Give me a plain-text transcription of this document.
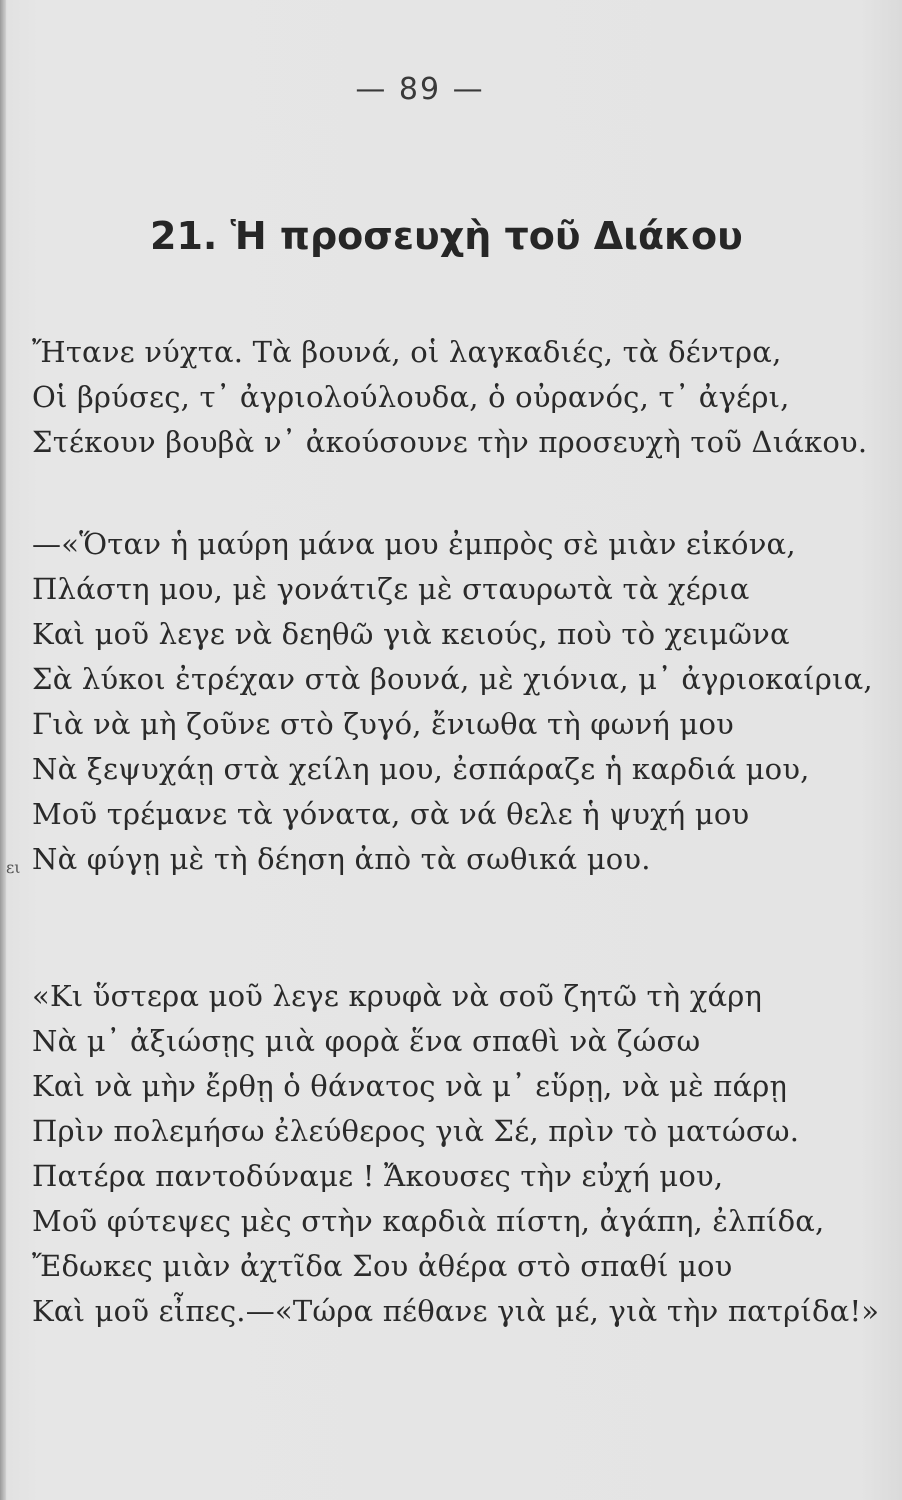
— 89 —
21. Ἡ προσευχὴ τοῦ Διάκου
ει
Ἤτανε νύχτα. Τὰ βουνά, οἱ λαγκαδιές, τὰ δέντρα,
Οἱ βρύσες, τ᾿ ἀγριολούλουδα, ὁ οὐρανός, τ᾿ ἀγέρι,
Στέκουν βουβὰ ν᾿ ἀκούσουνε τὴν προσευχὴ τοῦ Διάκου.
—«Ὅταν ἡ μαύρη μάνα μου ἐμπρὸς σὲ μιὰν εἰκόνα,
Πλάστη μου, μὲ γονάτιζε μὲ σταυρωτὰ τὰ χέρια
Καὶ μοῦ λεγε νὰ δεηθῶ γιὰ κειούς, ποὺ τὸ χειμῶνα
Σὰ λύκοι ἐτρέχαν στὰ βουνά, μὲ χιόνια, μ᾿ ἀγριοκαίρια,
Γιὰ νὰ μὴ ζοῦνε στὸ ζυγό, ἔνιωθα τὴ φωνή μου
Νὰ ξεψυχάῃ στὰ χείλη μου, ἐσπάραζε ἡ καρδιά μου,
Μοῦ τρέμανε τὰ γόνατα, σὰ νά θελε ἡ ψυχή μου
Νὰ φύγῃ μὲ τὴ δέηση ἀπὸ τὰ σωθικά μου.
«Κι ὕστερα μοῦ λεγε κρυφὰ νὰ σοῦ ζητῶ τὴ χάρη
Νὰ μ᾿ ἀξιώσῃς μιὰ φορὰ ἕνα σπαθὶ νὰ ζώσω
Καὶ νὰ μὴν ἔρθῃ ὁ θάνατος νὰ μ᾿ εὕρῃ, νὰ μὲ πάρῃ
Πρὶν πολεμήσω ἐλεύθερος γιὰ Σέ, πρὶν τὸ ματώσω.
Πατέρα παντοδύναμε ! Ἄκουσες τὴν εὐχή μου,
Μοῦ φύτεψες μὲς στὴν καρδιὰ πίστη, ἀγάπη, ἐλπίδα,
Ἔδωκες μιὰν ἀχτῖδα Σου ἀθέρα στὸ σπαθί μου
Καὶ μοῦ εἶπες.—«Τώρα πέθανε γιὰ μέ, γιὰ τὴν πατρίδα!»
